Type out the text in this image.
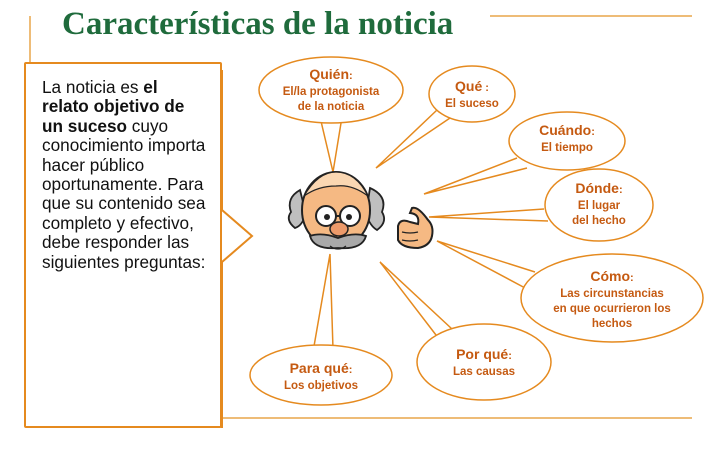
Características de la noticia
La noticia es el relato objetivo de un suceso cuyo conocimiento importa hacer público oportunamente. Para que su contenido sea completo y efectivo, debe responder las siguientes preguntas:
Quién:
El/la protagonista
de la noticia
Qué :
El suceso
Cuándo:
El tiempo
Dónde:
El lugar
del hecho
Cómo:
Las circunstancias
en que ocurrieron los
hechos
Por qué:
Las causas
Para qué:
Los objetivos
